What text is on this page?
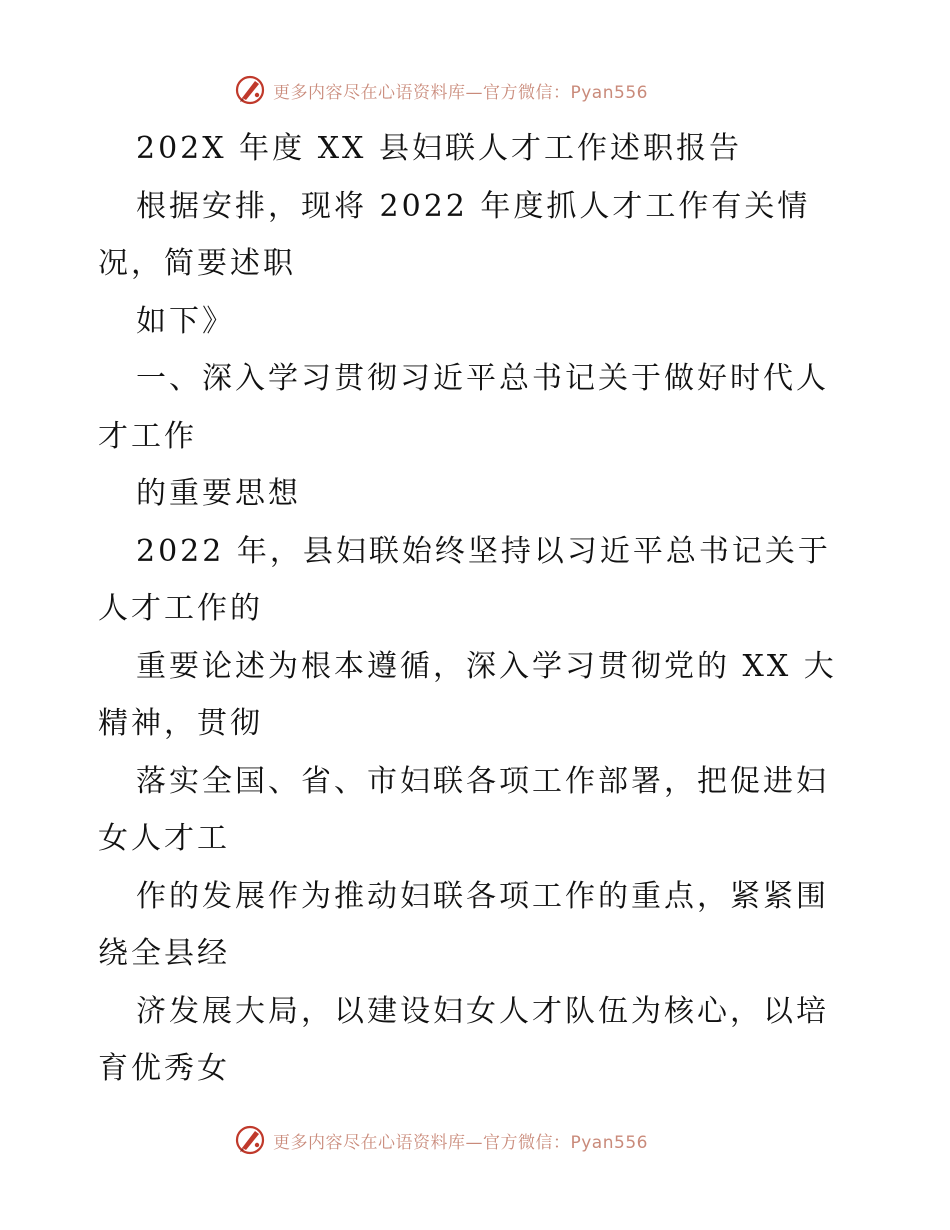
更多内容尽在心语资料库—官方微信：Pyan556
202X 年度 XX 县妇联人才工作述职报告
根据安排，现将 2022 年度抓人才工作有关情
况，简要述职
如下》
一、深入学习贯彻习近平总书记关于做好时代人
才工作
的重要思想
2022 年，县妇联始终坚持以习近平总书记关于
人才工作的
重要论述为根本遵循，深入学习贯彻党的 XX 大
精神，贯彻
落实全国、省、市妇联各项工作部署，把促进妇
女人才工
作的发展作为推动妇联各项工作的重点，紧紧围
绕全县经
济发展大局，以建设妇女人才队伍为核心，以培
育优秀女
更多内容尽在心语资料库—官方微信：Pyan556
